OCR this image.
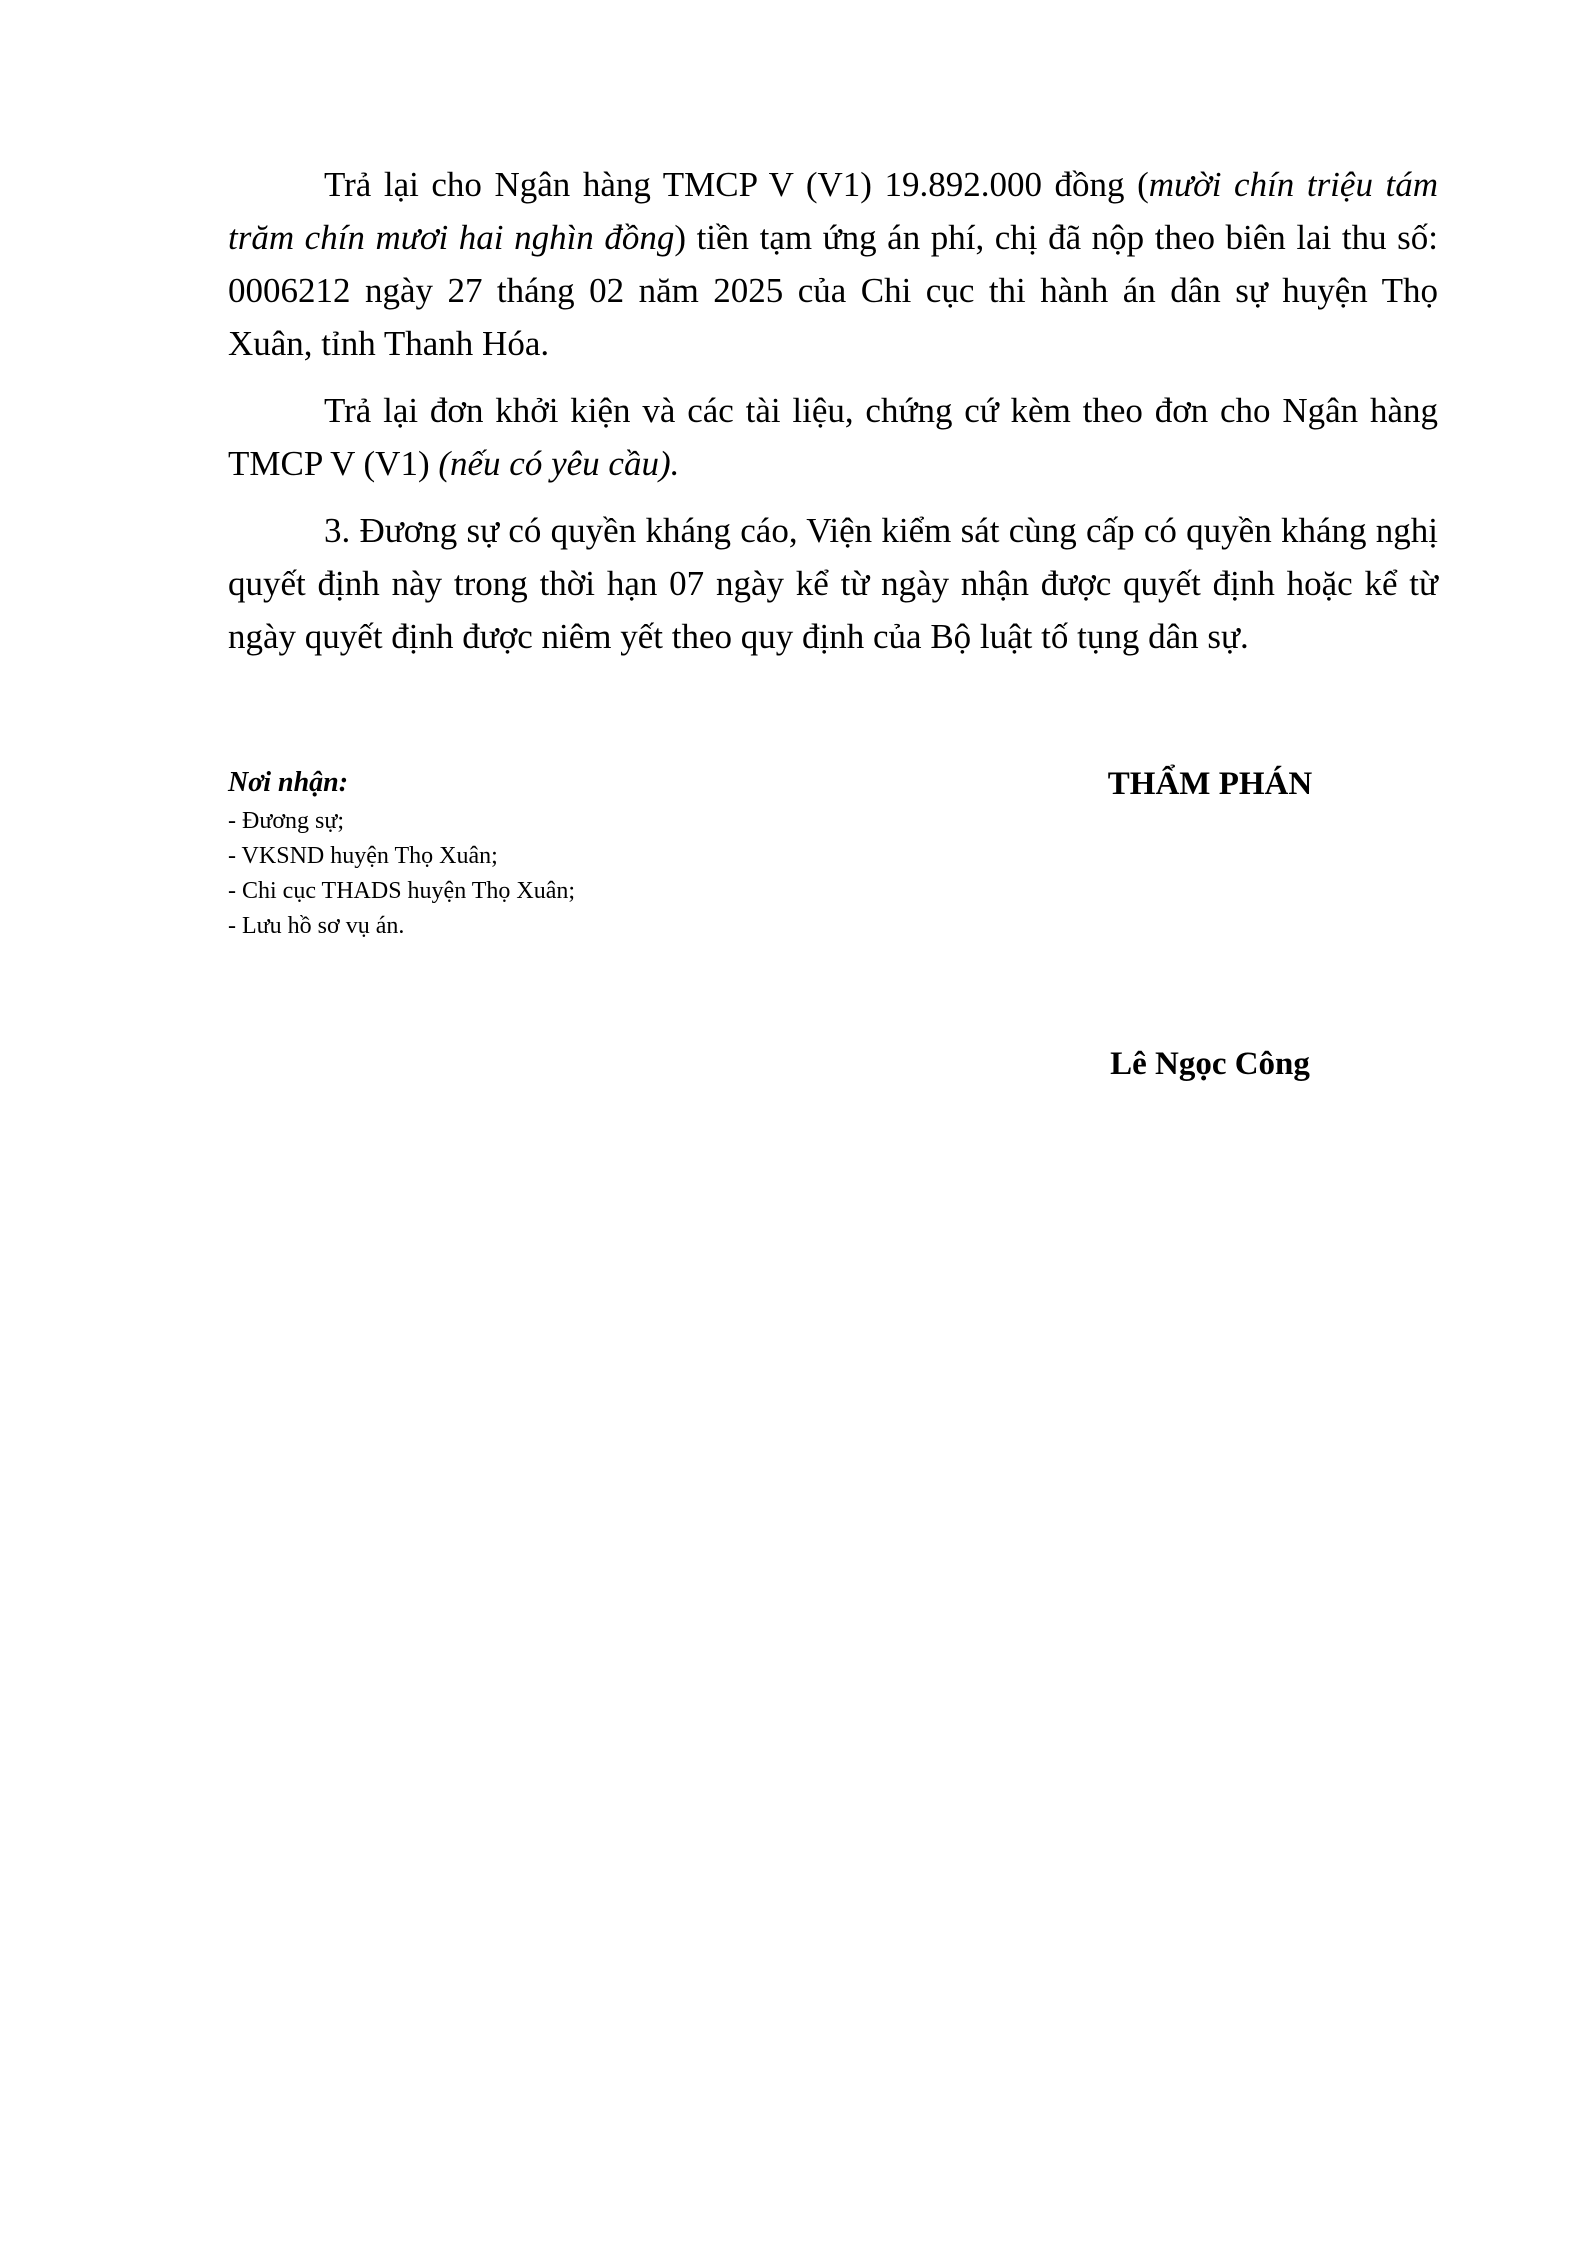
Trả lại cho Ngân hàng TMCP V (V1) 19.892.000 đồng (mười chín triệu tám trăm chín mươi hai nghìn đồng) tiền tạm ứng án phí, chị đã nộp theo biên lai thu số: 0006212 ngày 27 tháng 02 năm 2025 của Chi cục thi hành án dân sự huyện Thọ Xuân, tỉnh Thanh Hóa.

Trả lại đơn khởi kiện và các tài liệu, chứng cứ kèm theo đơn cho Ngân hàng TMCP V (V1) (nếu có yêu cầu).

3. Đương sự có quyền kháng cáo, Viện kiểm sát cùng cấp có quyền kháng nghị quyết định này trong thời hạn 07 ngày kể từ ngày nhận được quyết định hoặc kể từ ngày quyết định được niêm yết theo quy định của Bộ luật tố tụng dân sự.

Nơi nhận:
- Đương sự;
- VKSND huyện Thọ Xuân;
- Chi cục THADS huyện Thọ Xuân;
- Lưu hồ sơ vụ án.
THẨM PHÁN
Lê Ngọc Công
